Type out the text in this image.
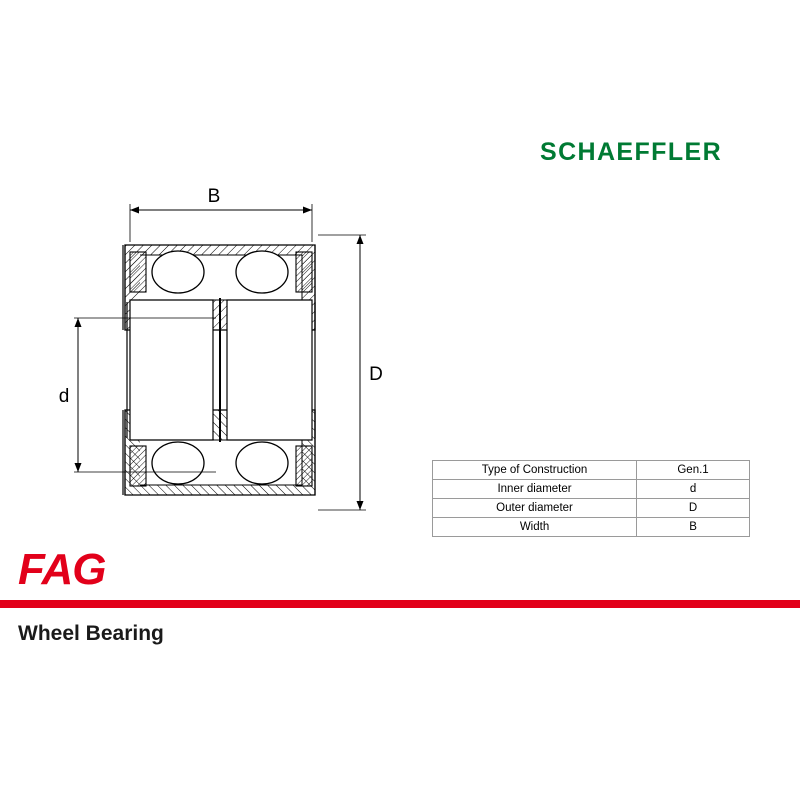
SCHAEFFLER
B
d
D
Type of Construction	Gen.1
Inner diameter	d
Outer diameter	D
Width	B
FAG
Wheel Bearing
